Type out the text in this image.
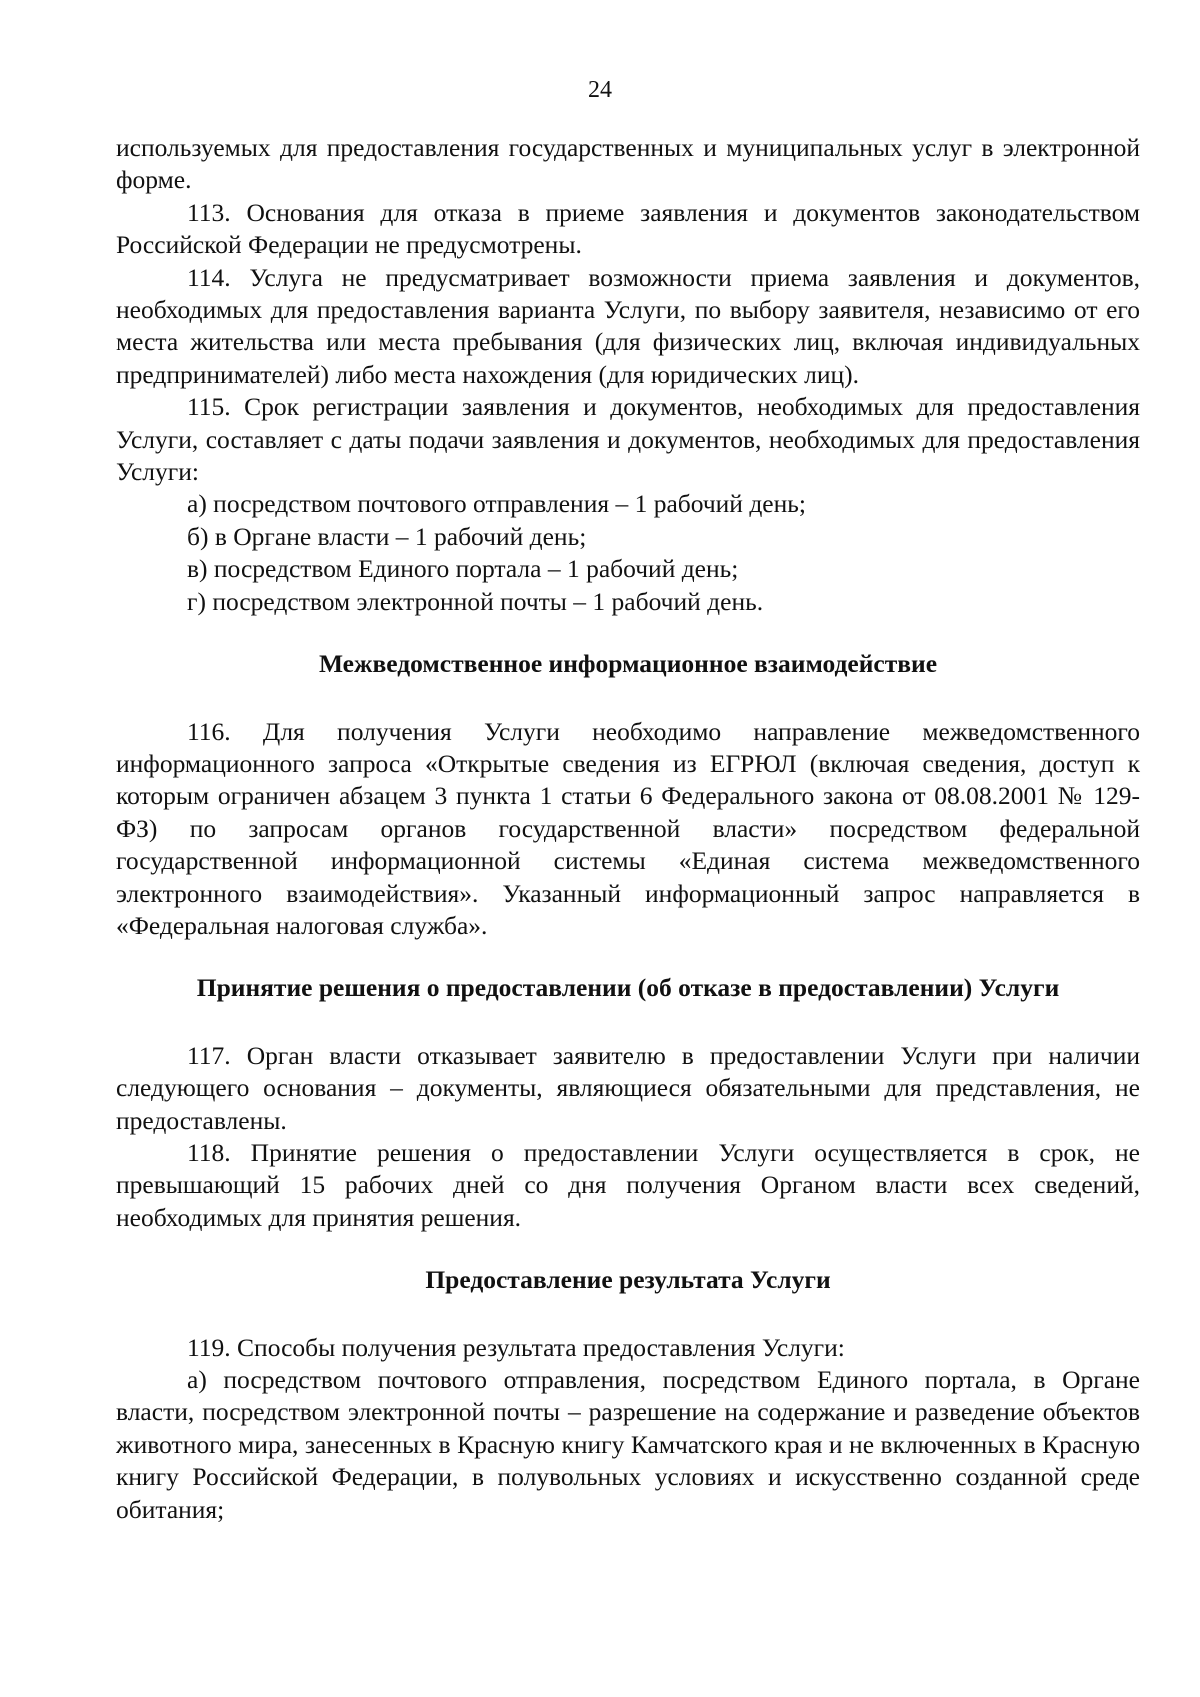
24

используемых для предоставления государственных и муниципальных услуг в электронной форме.

113. Основания для отказа в приеме заявления и документов законодательством Российской Федерации не предусмотрены.

114. Услуга не предусматривает возможности приема заявления и документов, необходимых для предоставления варианта Услуги, по выбору заявителя, независимо от его места жительства или места пребывания (для физических лиц, включая индивидуальных предпринимателей) либо места нахождения (для юридических лиц).

115. Срок регистрации заявления и документов, необходимых для предоставления Услуги, составляет с даты подачи заявления и документов, необходимых для предоставления Услуги:

а) посредством почтового отправления – 1 рабочий день;

б) в Органе власти – 1 рабочий день;

в) посредством Единого портала – 1 рабочий день;

г) посредством электронной почты – 1 рабочий день.

Межведомственное информационное взаимодействие

116. Для получения Услуги необходимо направление межведомственного информационного запроса «Открытые сведения из ЕГРЮЛ (включая сведения, доступ к которым ограничен абзацем 3 пункта 1 статьи 6 Федерального закона от 08.08.2001 № 129-ФЗ) по запросам органов государственной власти» посредством федеральной государственной информационной системы «Единая система межведомственного электронного взаимодействия». Указанный информационный запрос направляется в «Федеральная налоговая служба».

Принятие решения о предоставлении (об отказе в предоставлении) Услуги

117. Орган власти отказывает заявителю в предоставлении Услуги при наличии следующего основания – документы, являющиеся обязательными для представления, не предоставлены.

118. Принятие решения о предоставлении Услуги осуществляется в срок, не превышающий 15 рабочих дней со дня получения Органом власти всех сведений, необходимых для принятия решения.

Предоставление результата Услуги

119. Способы получения результата предоставления Услуги:

а) посредством почтового отправления, посредством Единого портала, в Органе власти, посредством электронной почты – разрешение на содержание и разведение объектов животного мира, занесенных в Красную книгу Камчатского края и не включенных в Красную книгу Российской Федерации, в полувольных условиях и искусственно созданной среде обитания;
